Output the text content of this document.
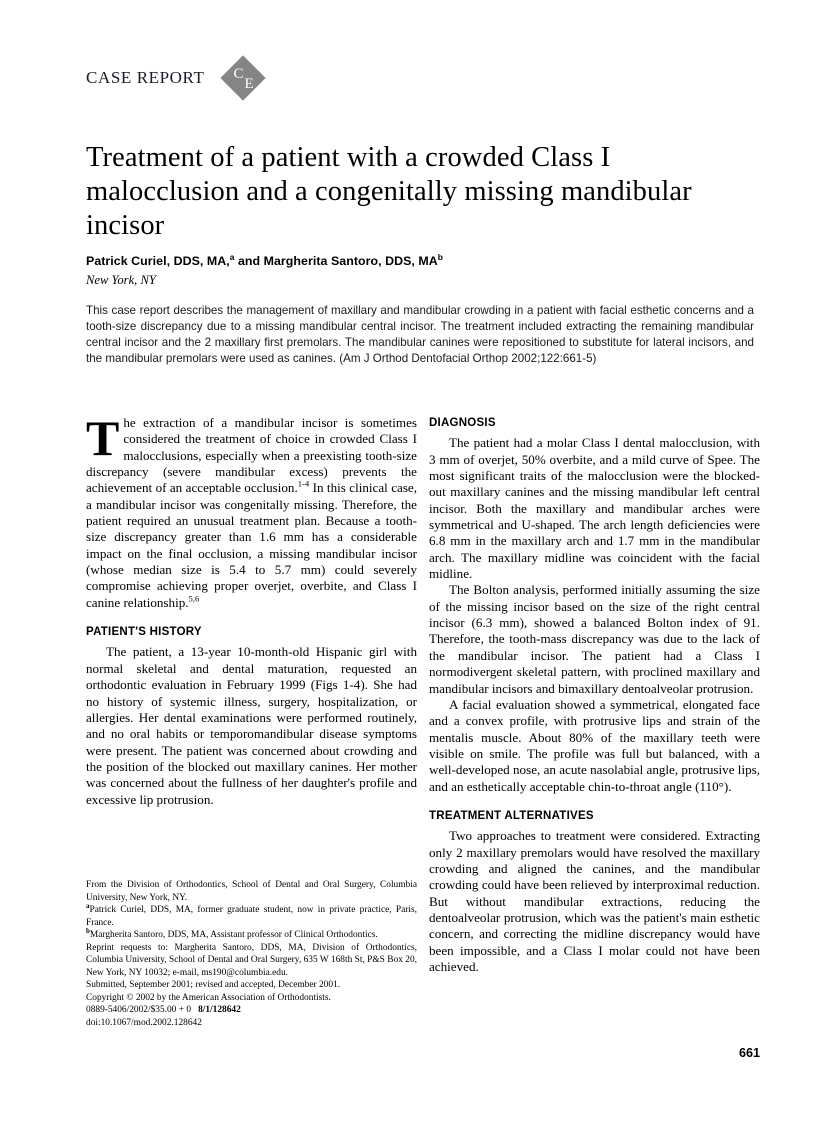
CASE REPORT C
E
Treatment of a patient with a crowded Class I malocclusion and a congenitally missing mandibular incisor
Patrick Curiel, DDS, MA,$^a$ and Margherita Santoro, DDS, $MA^b$
New York, NY
This case report describes the management of maxillary and mandibular crowding in a patient with facial esthetic concerns and a tooth-size discrepancy due to a missing mandibular central incisor. The treatment included extracting the remaining mandibular central incisor and the 2 maxillary first premolars. The mandibular canines were repositioned to substitute for lateral incisors, and the mandibular premolars were used as canines. (Am J Orthod Dentofacial Orthop 2002;122:661-5)

The extraction of a mandibular incisor is sometimes considered the treatment of choice in crowded Class I malocclusions, especially when a preexisting tooth-size discrepancy (severe mandibular excess) prevents the achievement of an acceptable occlusion.$^{1-4}$ In this clinical case, a mandibular incisor was congenitally missing. Therefore, the patient required an unusual treatment plan. Because a tooth-size discrepancy greater than 1.6 mm has a considerable impact on the final occlusion, a missing mandibular incisor (whose median size is 5.4 to 5.7 mm) could severely compromise achieving proper overjet, overbite, and Class I canine relationship.$^{5,6}$

PATIENT'S HISTORY

The patient, a 13-year 10-month-old Hispanic girl with normal skeletal and dental maturation, requested an orthodontic evaluation in February 1999 (Figs 1-4). She had no history of systemic illness, surgery, hospitalization, or allergies. Her dental examinations were performed routinely, and no oral habits or temporomandibular disease symptoms were present. The patient was concerned about crowding and the position of the blocked out maxillary canines. Her mother was concerned about the fullness of her daughter's profile and excessive lip protrusion.

DIAGNOSIS

The patient had a molar Class I dental malocclusion, with 3 mm of overjet, 50% overbite, and a mild curve of Spee. The most significant traits of the malocclusion were the blocked-out maxillary canines and the missing mandibular left central incisor. Both the maxillary and mandibular arches were symmetrical and U-shaped. The arch length deficiencies were 6.8 mm in the maxillary arch and 1.7 mm in the mandibular arch. The maxillary midline was coincident with the facial midline.

The Bolton analysis, performed initially assuming the size of the missing incisor based on the size of the right central incisor (6.3 mm), showed a balanced Bolton index of 91. Therefore, the tooth-mass discrepancy was due to the lack of the mandibular incisor. The patient had a Class I normodivergent skeletal pattern, with proclined maxillary and mandibular incisors and bimaxillary dentoalveolar protrusion.

A facial evaluation showed a symmetrical, elongated face and a convex profile, with protrusive lips and strain of the mentalis muscle. About 80% of the maxillary teeth were visible on smile. The profile was full but balanced, with a well-developed nose, an acute nasolabial angle, protrusive lips, and an esthetically acceptable chin-to-throat angle (110°).

TREATMENT ALTERNATIVES

Two approaches to treatment were considered. Extracting only 2 maxillary premolars would have resolved the maxillary crowding and aligned the canines, and the mandibular crowding could have been relieved by interproximal reduction. But without mandibular extractions, reducing the dentoalveolar protrusion, which was the patient's main esthetic concern, and correcting the midline discrepancy would have been impossible, and a Class I molar could not have been achieved.

From the Division of Orthodontics, School of Dental and Oral Surgery, Columbia University, New York, NY.

$^a$Patrick Curiel, DDS, MA, former graduate student, now in private practice, Paris, France.

$^b$Margherita Santoro, DDS, MA, Assistant professor of Clinical Orthodontics.

Reprint requests to: Margherita Santoro, DDS, MA, Division of Orthodontics, Columbia University, School of Dental and Oral Surgery, 635 W 168th St, P&S Box 20, New York, NY 10032; e-mail, ms190@columbia.edu.

Submitted, September 2001; revised and accepted, December 2001.

Copyright © 2002 by the American Association of Orthodontists.

0889-5406/2002/$35.00 + 0 8/1/128642

doi:10.1067/mod.2002.128642

661
